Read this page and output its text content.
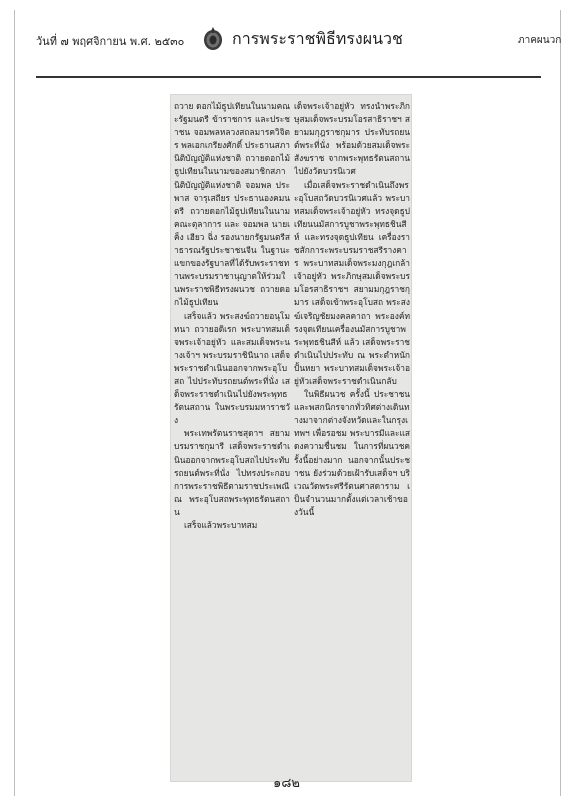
วันที่ ๗ พฤศจิกายน พ.ศ. ๒๕๓๐	การพระราชพิธีทรงผนวช	ภาคผนวก

ถวาย ดอกไม้ธูปเทียนในนามคณะรัฐมนตรี ข้าราชการ และประชาชน จอมพลหลวงสถลมารควิจิตร พลเอกเกรียงศักดิ์ ประธานสภานิติบัญญัติแห่งชาติ ถวายดอกไม้ธูปเทียนในนามของสมาชิกสภานิติบัญญัติแห่งชาติ จอมพล ประพาส จารุเสถียร ประธานองคมนตรี ถวายดอกไม้ธูปเทียนในนามคณะตุลาการ และ จอมพล นายเค็ง เฮียว ฉิ่ง รองนายกรัฐมนตรีสาธารณรัฐประชาชนจีน ในฐานะแขกของรัฐบาลที่ได้รับพระราชทานพระบรมราชานุญาตให้ร่วมในพระราชพิธีทรงผนวช ถวายดอกไม้ธูปเทียน

เสร็จแล้ว พระสงฆ์ถวายอนุโมทนา ถวายอดิเรก พระบาทสมเด็จพระเจ้าอยู่หัว และสมเด็จพระนางเจ้าฯ พระบรมราชินีนาถ เสด็จพระราชดำเนินออกจากพระอุโบสถ ไปประทับรถยนต์พระที่นั่ง เสด็จพระราชดำเนินไปยังพระพุทธรัตนสถาน ในพระบรมมหาราชวัง

พระเทพรัตนราชสุดาฯ สยามบรมราชกุมารี เสด็จพระราชดำเนินออกจากพระอุโบสถไปประทับรถยนต์พระที่นั่ง ไปทรงประกอบการพระราชพิธีตามราชประเพณี ณ พระอุโบสถพระพุทธรัตนสถาน

เสร็จแล้วพระบาทสม

เด็จพระเจ้าอยู่หัว ทรงนำพระภิกษุสมเด็จพระบรมโอรสาธิราชฯ สยามมกุฎราชกุมาร ประทับรถยนต์พระที่นั่ง พร้อมด้วยสมเด็จพระสังฆราช จากพระพุทธรัตนสถานไปยังวัดบวรนิเวศ

เมื่อเสด็จพระราชดำเนินถึงพระอุโบสถวัดบวรนิเวศแล้ว พระบาทสมเด็จพระเจ้าอยู่หัว ทรงจุดธูปเทียนนมัสการบูชาพระพุทธชินสีห์ และทรงจุดธูปเทียน เครื่องราชสักการะพระบรมราชสรีรางคาร พระบาทสมเด็จพระมงกุฎเกล้าเจ้าอยู่หัว พระภิกษุสมเด็จพระบรมโอรสาธิราชฯ สยามมกุฎราชกุมาร เสด็จเข้าพระอุโบสถ พระสงฆ์เจริญชัยมงคลคาถา พระองค์ทรงจุดเทียนเครื่องนมัสการบูชาพระพุทธชินสีห์ แล้ว เสด็จพระราชดำเนินไปประทับ ณ พระตำหนักปั้นหยา พระบาทสมเด็จพระเจ้าอยู่หัวเสด็จพระราชดำเนินกลับ

ในพิธีผนวช ครั้งนี้ ประชาชนและพสกนิกรจากทั่วทิศต่างเดินทางมาจากต่างจังหวัดและในกรุงเทพฯ เพื่อรอชม พระบารมีและแสดงความชื่นชม ในการที่ผนวชครั้งนี้อย่างมาก นอกจากนั้นประชาชน ยังร่วมด้วยเฝ้ารับเสด็จฯ บริเวณวัดพระศรีรัตนศาสดาราม เป็นจำนวนมากตั้งแต่เวลาเช้าของวันนี้

๑๘๒
